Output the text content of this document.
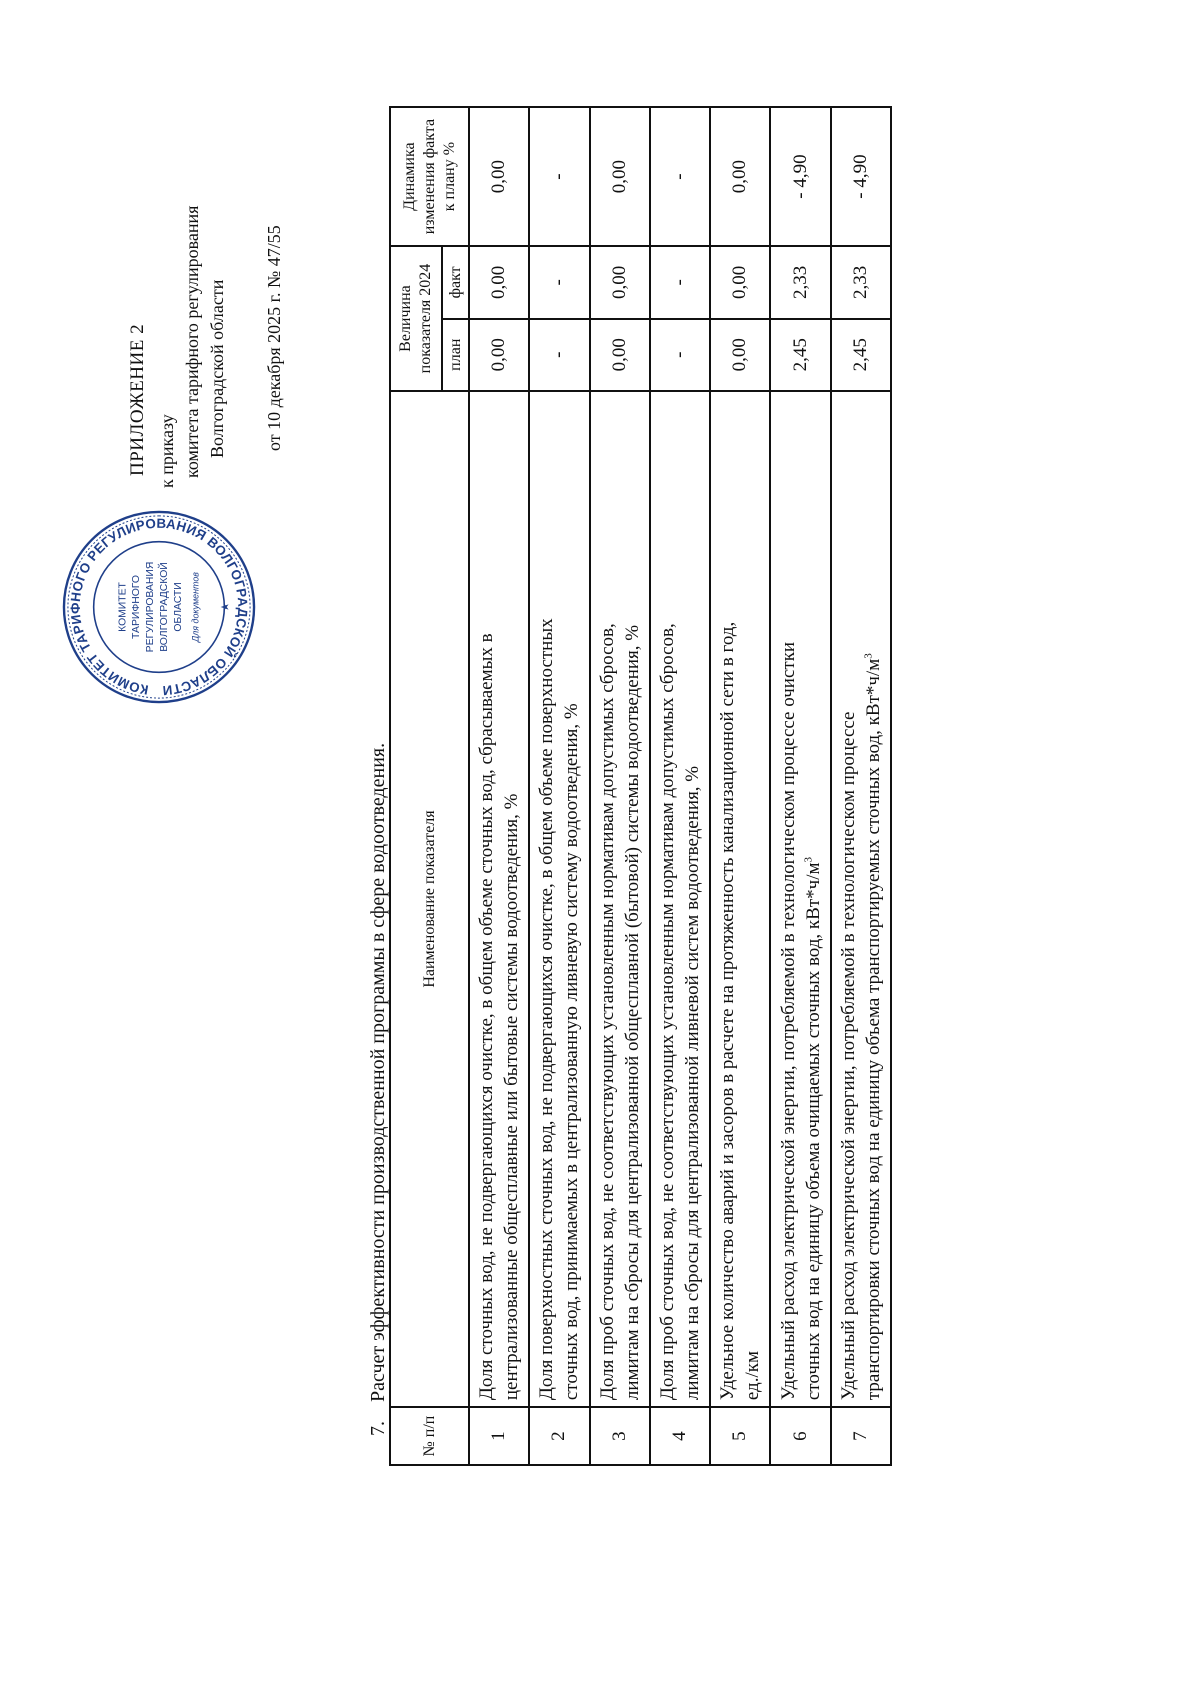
ПРИЛОЖЕНИЕ 2 к приказу комитета тарифного регулирования Волгоградской области от 10 декабря 2025 г. № 47/55
КОМИТЕТ ТАРИФНОГО РЕГУЛИРОВАНИЯ ВОЛГОГРАДСКОЙ ОБЛАСТИ
КОМИТЕТ ТАРИФНОГО РЕГУЛИРОВАНИЯ ВОЛГОГРАДСКОЙ ОБЛАСТИ Для документов ★
7.Расчет эффективности производственной программы в сфере водоотведения.
№ п/п	Наименование показателя	Величина показателя 2024		Динамика изменения факта к плану %
		план	факт	
1	Доля сточных вод, не подвергающихся очистке, в общем объеме сточных вод, сбрасываемых в централизованные общесплавные или бытовые системы водоотведения, %	0,00	0,00	0,00
2	Доля поверхностных сточных вод, не подвергающихся очистке, в общем объеме поверхностных сточных вод, принимаемых в централизованную ливневую систему водоотведения, %	-	-	-
3	Доля проб сточных вод, не соответствующих установленным нормативам допустимых сбросов, лимитам на сбросы для централизованной общесплавной (бытовой) системы водоотведения, %	0,00	0,00	0,00
4	Доля проб сточных вод, не соответствующих установленным нормативам допустимых сбросов, лимитам на сбросы для централизованной ливневой систем водоотведения, %	-	-	-
5	Удельное количество аварий и засоров в расчете на протяженность канализационной сети в год, ед./км	0,00	0,00	0,00
6	Удельный расход электрической энергии, потребляемой в технологическом процессе очистки сточных вод на единицу объема очищаемых сточных вод, $кВт*ч/м^3$	2,45	2,33	- 4,90
7	Удельный расход электрической энергии, потребляемой в технологическом процессе транспортировки сточных вод на единицу объема транспортируемых сточных вод, $кВт*ч/м^3$	2,45	2,33	- 4,90
